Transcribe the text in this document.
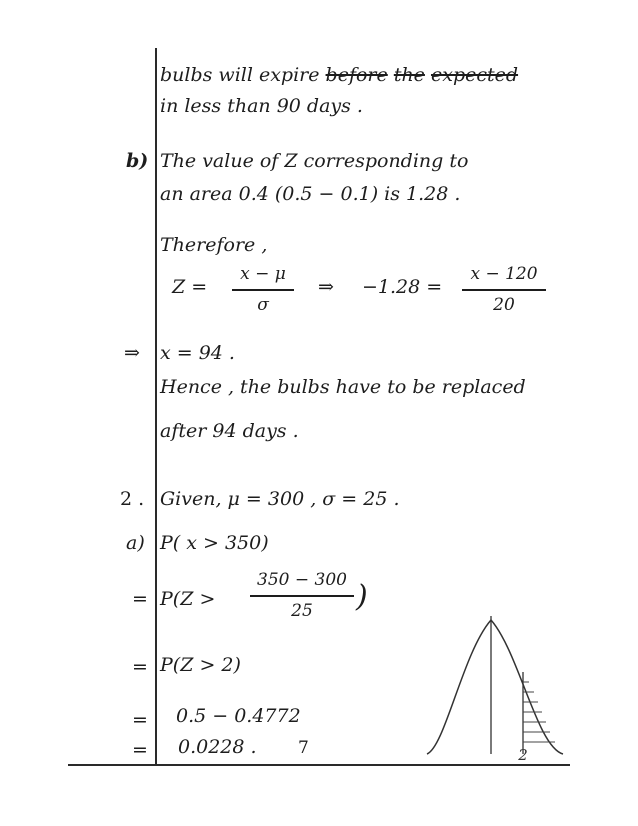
bulbs will expire before the expected
in less than 90 days .
b) The value of Z corresponding to
an area 0.4 (0.5 − 0.1) is 1.28 .
Therefore ,
Z =
x − μ
σ
⇒ −1.28 =
x − 120
20
⇒ x = 94 .
Hence , the bulbs have to be replaced
after 94 days .
2 . Given, μ = 300 , σ = 25 .
a) P( x > 350)
= P(Z >
350 − 300
25	)
= P(Z > 2)
= 0.5 − 0.4772
= 0.0228 . 7	2
